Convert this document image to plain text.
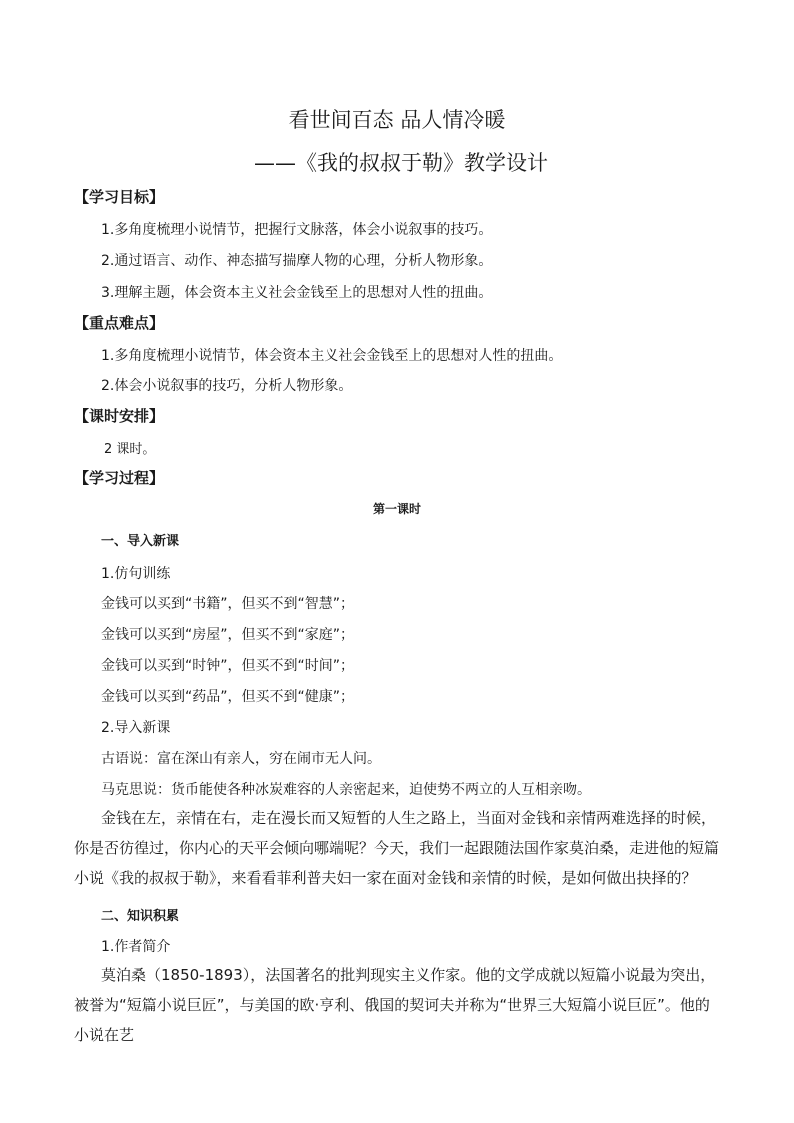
看世间百态 品人情冷暖
——《我的叔叔于勒》教学设计
【学习目标】
1.多角度梳理小说情节，把握行文脉落，体会小说叙事的技巧。
2.通过语言、动作、神态描写揣摩人物的心理，分析人物形象。
3.理解主题，体会资本主义社会金钱至上的思想对人性的扭曲。
【重点难点】
1.多角度梳理小说情节，体会资本主义社会金钱至上的思想对人性的扭曲。
2.体会小说叙事的技巧，分析人物形象。
【课时安排】
2 课时。
【学习过程】
第一课时
一、导入新课
1.仿句训练
金钱可以买到“书籍”，但买不到“智慧”；
金钱可以买到“房屋”，但买不到“家庭”；
金钱可以买到“时钟”，但买不到“时间”；
金钱可以买到“药品”，但买不到“健康”；
2.导入新课
古语说：富在深山有亲人，穷在闹市无人问。
马克思说：货币能使各种冰炭难容的人亲密起来，迫使势不两立的人互相亲吻。
金钱在左，亲情在右，走在漫长而又短暂的人生之路上，当面对金钱和亲情两难选择的时候，你是否彷徨过，你内心的天平会倾向哪端呢？今天，我们一起跟随法国作家莫泊桑，走进他的短篇小说《我的叔叔于勒》，来看看菲利普夫妇一家在面对金钱和亲情的时候，是如何做出抉择的？
二、知识积累
1.作者简介
莫泊桑（1850-1893），法国著名的批判现实主义作家。他的文学成就以短篇小说最为突出，被誉为“短篇小说巨匠”，与美国的欧·亨利、俄国的契诃夫并称为“世界三大短篇小说巨匠”。他的小说在艺
